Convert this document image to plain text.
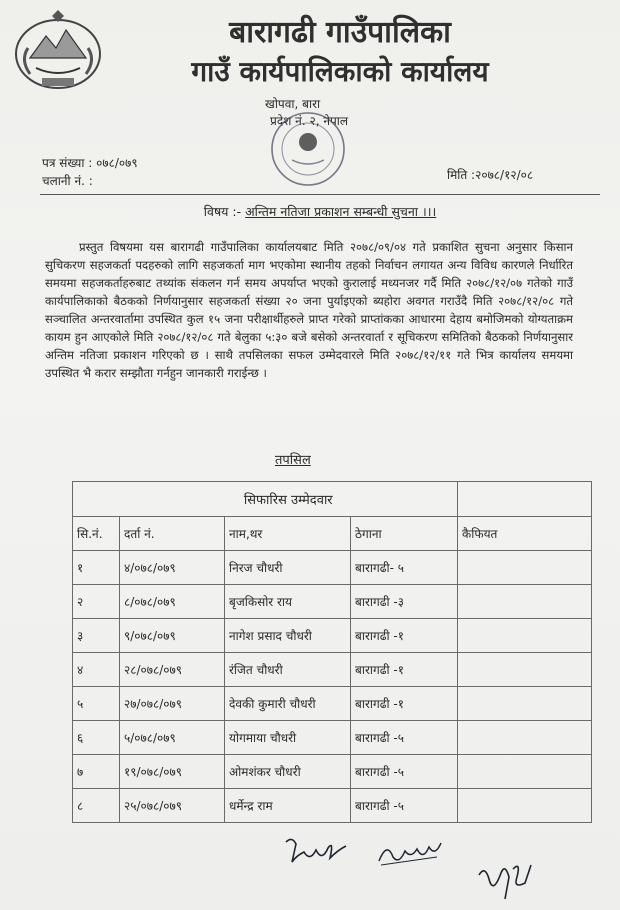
बारागढी गाउँपालिका
गाउँ कार्यपालिकाको कार्यालय
खोपवा, बारा
प्रदेश नं. २, नेपाल
पत्र संख्या : ०७८/०७९
चलानी नं. :	मिति :२०७८/१२/०८
विषय :- अन्तिम नतिजा प्रकाशन सम्बन्धी सुचना ।।।
प्रस्तुत विषयमा यस बारागढी गाउँपालिका कार्यालयबाट मिति २०७८/०९/०४ गते प्रकाशित सुचना अनुसार किसान सुचिकरण सहजकर्ता पदहरुको लागि सहजकर्ता माग भएकोमा स्थानीय तहको निर्वाचन लगायत अन्य विविध कारणले निर्धारित समयमा सहजकर्ताहरुबाट तथ्यांक संकलन गर्न समय अपर्याप्त भएको कुरालाई मध्यनजर गर्दै मिति २०७८/१२/०७ गतेको गाउँ कार्यपालिकाको बैठकको निर्णयानुसार सहजकर्ता संख्या २० जना पुर्याइएको ब्यहोरा अवगत गराउँदै मिति २०७८/१२/०८ गते सञ्चालित अन्तरवार्तामा उपस्थित कुल १५ जना परीक्षार्थीहरुले प्राप्त गरेको प्राप्तांकका आधारमा देहाय बमोजिमको योग्यताक्रम कायम हुन आएकोले मिति २०७८/१२/०८ गते बेलुका ५:३० बजे बसेको अन्तरवार्ता र सूचिकरण समितिको बैठकको निर्णयानुसार अन्तिम नतिजा प्रकाशन गरिएको छ । साथै तपसिलका सफल उम्मेदवारले मिति २०७८/१२/११ गते भित्र कार्यालय समयमा उपस्थित भै करार सम्झौता गर्नहुन जानकारी गराईन्छ ।
तपसिल
	सिफारिस उम्मेदवार			
सि.नं.	दर्ता नं.	नाम,थर	ठेगाना	कैफियत
१	४/०७८/०७९	निरज चौधरी	बारागढी- ५	
२	८/०७८/०७९	बृजकिसोर राय	बारागढी -३	
३	९/०७८/०७९	नागेश प्रसाद चौधरी	बारागढी -१	
४	२८/०७८/०७९	रंजित चौधरी	बारागढी -१	
५	२७/०७८/०७९	देवकी कुमारी चौधरी	बारागढी -१	
६	५/०७८/०७९	योगमाया चौधरी	बारागढी -५	
७	१९/०७८/०७९	ओमशंकर चौधरी	बारागढी -५	
८	२५/०७८/०७९	धर्मेन्द्र राम	बारागढी -५	
